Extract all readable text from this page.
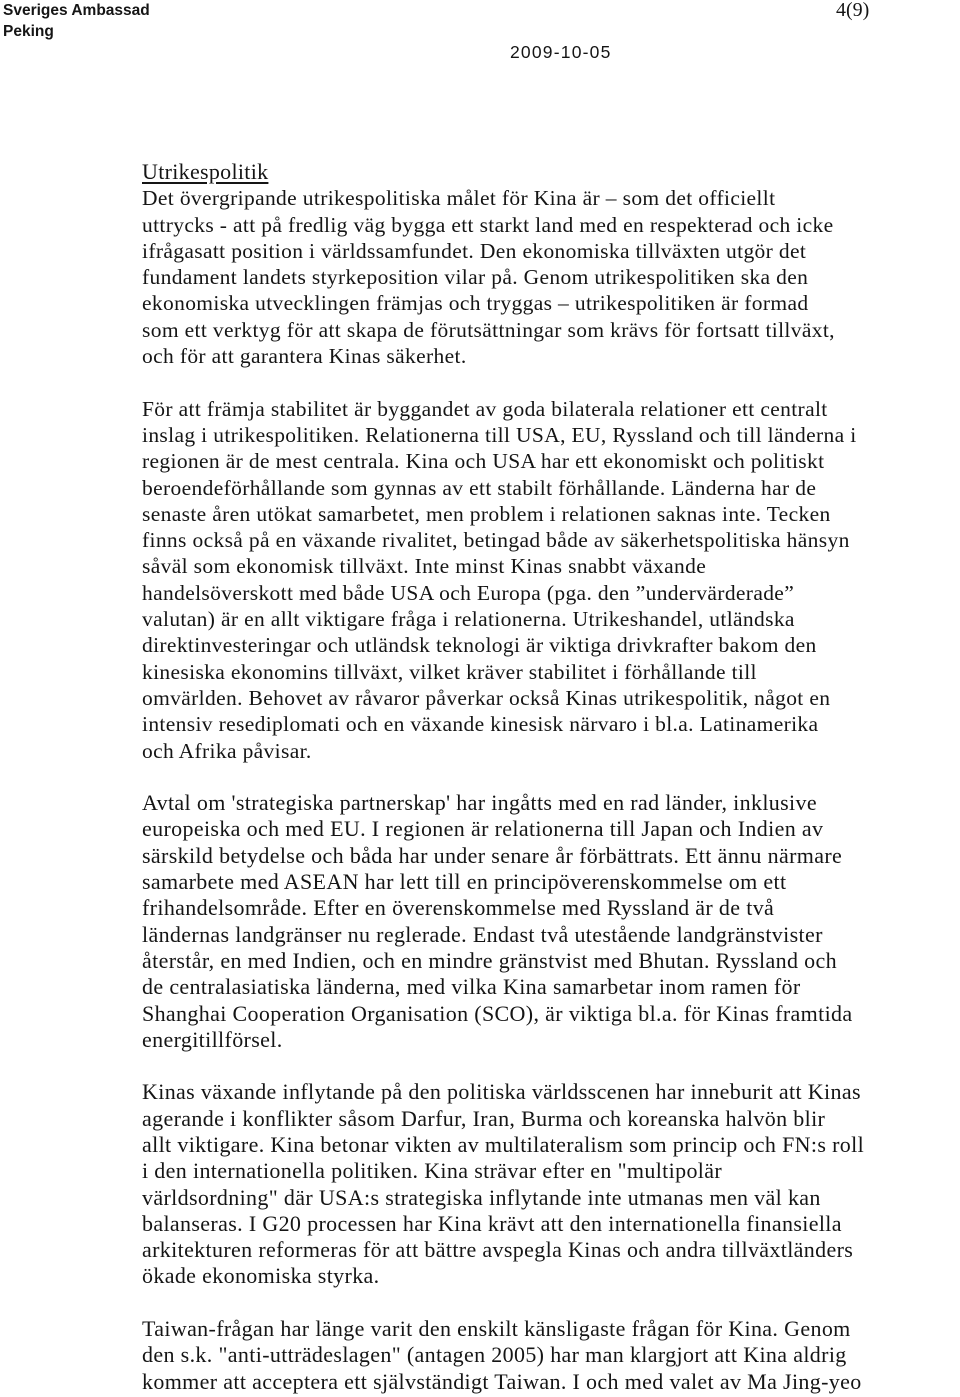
Sveriges Ambassad
Peking
4(9)
2009-10-05
Utrikespolitik
Det övergripande utrikespolitiska målet för Kina är – som det officiellt
uttrycks - att på fredlig väg bygga ett starkt land med en respekterad och icke
ifrågasatt position i världssamfundet. Den ekonomiska tillväxten utgör det
fundament landets styrkeposition vilar på. Genom utrikespolitiken ska den
ekonomiska utvecklingen främjas och tryggas – utrikespolitiken är formad
som ett verktyg för att skapa de förutsättningar som krävs för fortsatt tillväxt,
och för att garantera Kinas säkerhet.
För att främja stabilitet är byggandet av goda bilaterala relationer ett centralt
inslag i utrikespolitiken. Relationerna till USA, EU, Ryssland och till länderna i
regionen är de mest centrala. Kina och USA har ett ekonomiskt och politiskt
beroendeförhållande som gynnas av ett stabilt förhållande. Länderna har de
senaste åren utökat samarbetet, men problem i relationen saknas inte. Tecken
finns också på en växande rivalitet, betingad både av säkerhetspolitiska hänsyn
såväl som ekonomisk tillväxt. Inte minst Kinas snabbt växande
handelsöverskott med både USA och Europa (pga. den ”undervärderade”
valutan) är en allt viktigare fråga i relationerna. Utrikeshandel, utländska
direktinvesteringar och utländsk teknologi är viktiga drivkrafter bakom den
kinesiska ekonomins tillväxt, vilket kräver stabilitet i förhållande till
omvärlden. Behovet av råvaror påverkar också Kinas utrikespolitik, något en
intensiv resediplomati och en växande kinesisk närvaro i bl.a. Latinamerika
och Afrika påvisar.
Avtal om 'strategiska partnerskap' har ingåtts med en rad länder, inklusive
europeiska och med EU. I regionen är relationerna till Japan och Indien av
särskild betydelse och båda har under senare år förbättrats. Ett ännu närmare
samarbete med ASEAN har lett till en principöverenskommelse om ett
frihandelsområde. Efter en överenskommelse med Ryssland är de två
ländernas landgränser nu reglerade. Endast två utestående landgränstvister
återstår, en med Indien, och en mindre gränstvist med Bhutan. Ryssland och
de centralasiatiska länderna, med vilka Kina samarbetar inom ramen för
Shanghai Cooperation Organisation (SCO), är viktiga bl.a. för Kinas framtida
energitillförsel.
Kinas växande inflytande på den politiska världsscenen har inneburit att Kinas
agerande i konflikter såsom Darfur, Iran, Burma och koreanska halvön blir
allt viktigare. Kina betonar vikten av multilateralism som princip och FN:s roll
i den internationella politiken. Kina strävar efter en "multipolär
världsordning" där USA:s strategiska inflytande inte utmanas men väl kan
balanseras. I G20 processen har Kina krävt att den internationella finansiella
arkitekturen reformeras för att bättre avspegla Kinas och andra tillväxtländers
ökade ekonomiska styrka.
Taiwan-frågan har länge varit den enskilt känsligaste frågan för Kina. Genom
den s.k. "anti-utträdeslagen" (antagen 2005) har man klargjort att Kina aldrig
kommer att acceptera ett självständigt Taiwan. I och med valet av Ma Jing-yeo
